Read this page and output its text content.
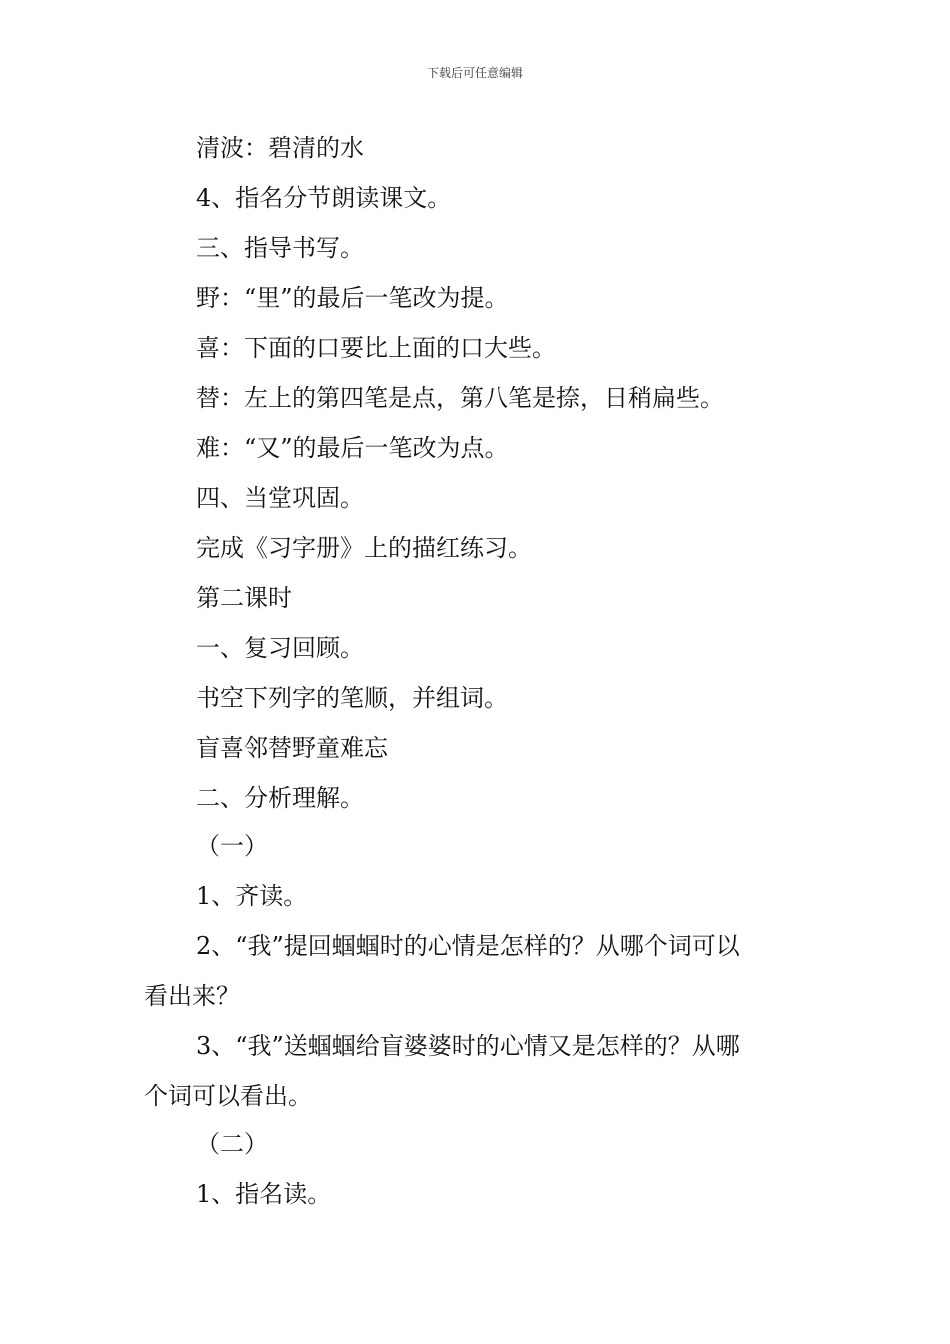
下载后可任意编辑
清波：碧清的水
4、指名分节朗读课文。
三、指导书写。
野：“里”的最后一笔改为提。
喜：下面的口要比上面的口大些。
替：左上的第四笔是点，第八笔是捺，日稍扁些。
难：“又”的最后一笔改为点。
四、当堂巩固。
完成《习字册》上的描红练习。
第二课时
一、复习回顾。
书空下列字的笔顺，并组词。
盲喜邻替野童难忘
二、分析理解。
（一）
1、齐读。
2、“我”提回蝈蝈时的心情是怎样的？从哪个词可以
看出来？
3、“我”送蝈蝈给盲婆婆时的心情又是怎样的？从哪
个词可以看出。
（二）
1、指名读。
